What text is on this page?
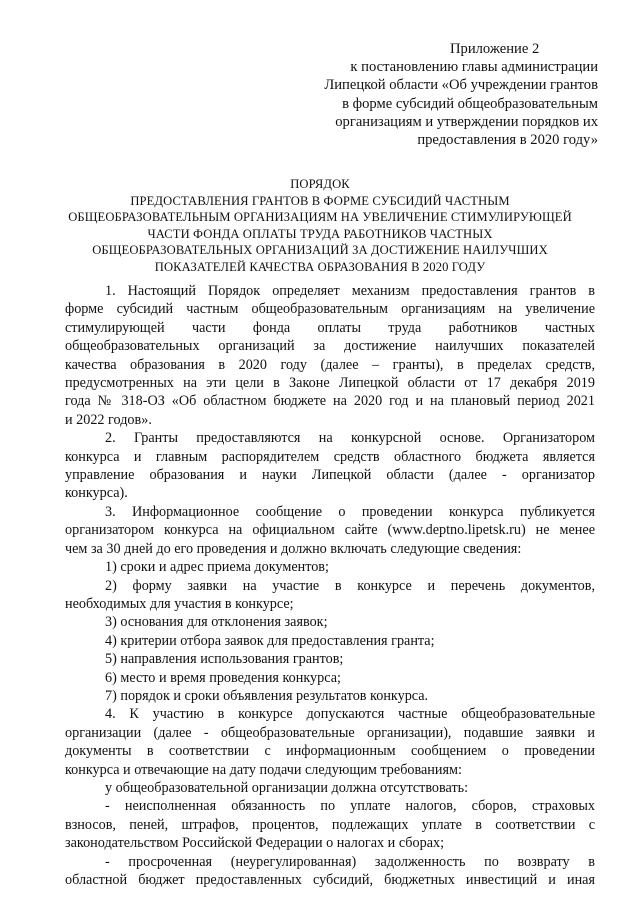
Приложение 2
к постановлению главы администрации
Липецкой области «Об учреждении грантов
в форме субсидий общеобразовательным
организациям и утверждении порядков их
предоставления в 2020 году»
ПОРЯДОК
ПРЕДОСТАВЛЕНИЯ ГРАНТОВ В ФОРМЕ СУБСИДИЙ ЧАСТНЫМ
ОБЩЕОБРАЗОВАТЕЛЬНЫМ ОРГАНИЗАЦИЯМ НА УВЕЛИЧЕНИЕ СТИМУЛИРУЮЩЕЙ
ЧАСТИ ФОНДА ОПЛАТЫ ТРУДА РАБОТНИКОВ ЧАСТНЫХ
ОБЩЕОБРАЗОВАТЕЛЬНЫХ ОРГАНИЗАЦИЙ ЗА ДОСТИЖЕНИЕ НАИЛУЧШИХ
ПОКАЗАТЕЛЕЙ КАЧЕСТВА ОБРАЗОВАНИЯ В 2020 ГОДУ
1. Настоящий Порядок определяет механизм предоставления грантов в
форме субсидий частным общеобразовательным организациям на увеличение
стимулирующей части фонда оплаты труда работников частных
общеобразовательных организаций за достижение наилучших показателей
качества образования в 2020 году (далее – гранты), в пределах средств,
предусмотренных на эти цели в Законе Липецкой области от 17 декабря 2019
года № 318-ОЗ «Об областном бюджете на 2020 год и на плановый период 2021
и 2022 годов».
2. Гранты предоставляются на конкурсной основе. Организатором
конкурса и главным распорядителем средств областного бюджета является
управление образования и науки Липецкой области (далее - организатор
конкурса).
3. Информационное сообщение о проведении конкурса публикуется
организатором конкурса на официальном сайте (www.deptno.lipetsk.ru) не менее
чем за 30 дней до его проведения и должно включать следующие сведения:
1) сроки и адрес приема документов;
2) форму заявки на участие в конкурсе и перечень документов,
необходимых для участия в конкурсе;
3) основания для отклонения заявок;
4) критерии отбора заявок для предоставления гранта;
5) направления использования грантов;
6) место и время проведения конкурса;
7) порядок и сроки объявления результатов конкурса.
4. К участию в конкурсе допускаются частные общеобразовательные
организации (далее - общеобразовательные организации), подавшие заявки и
документы в соответствии с информационным сообщением о проведении
конкурса и отвечающие на дату подачи следующим требованиям:
у общеобразовательной организации должна отсутствовать:
- неисполненная обязанность по уплате налогов, сборов, страховых
взносов, пеней, штрафов, процентов, подлежащих уплате в соответствии с
законодательством Российской Федерации о налогах и сборах;
- просроченная (неурегулированная) задолженность по возврату в
областной бюджет предоставленных субсидий, бюджетных инвестиций и иная
